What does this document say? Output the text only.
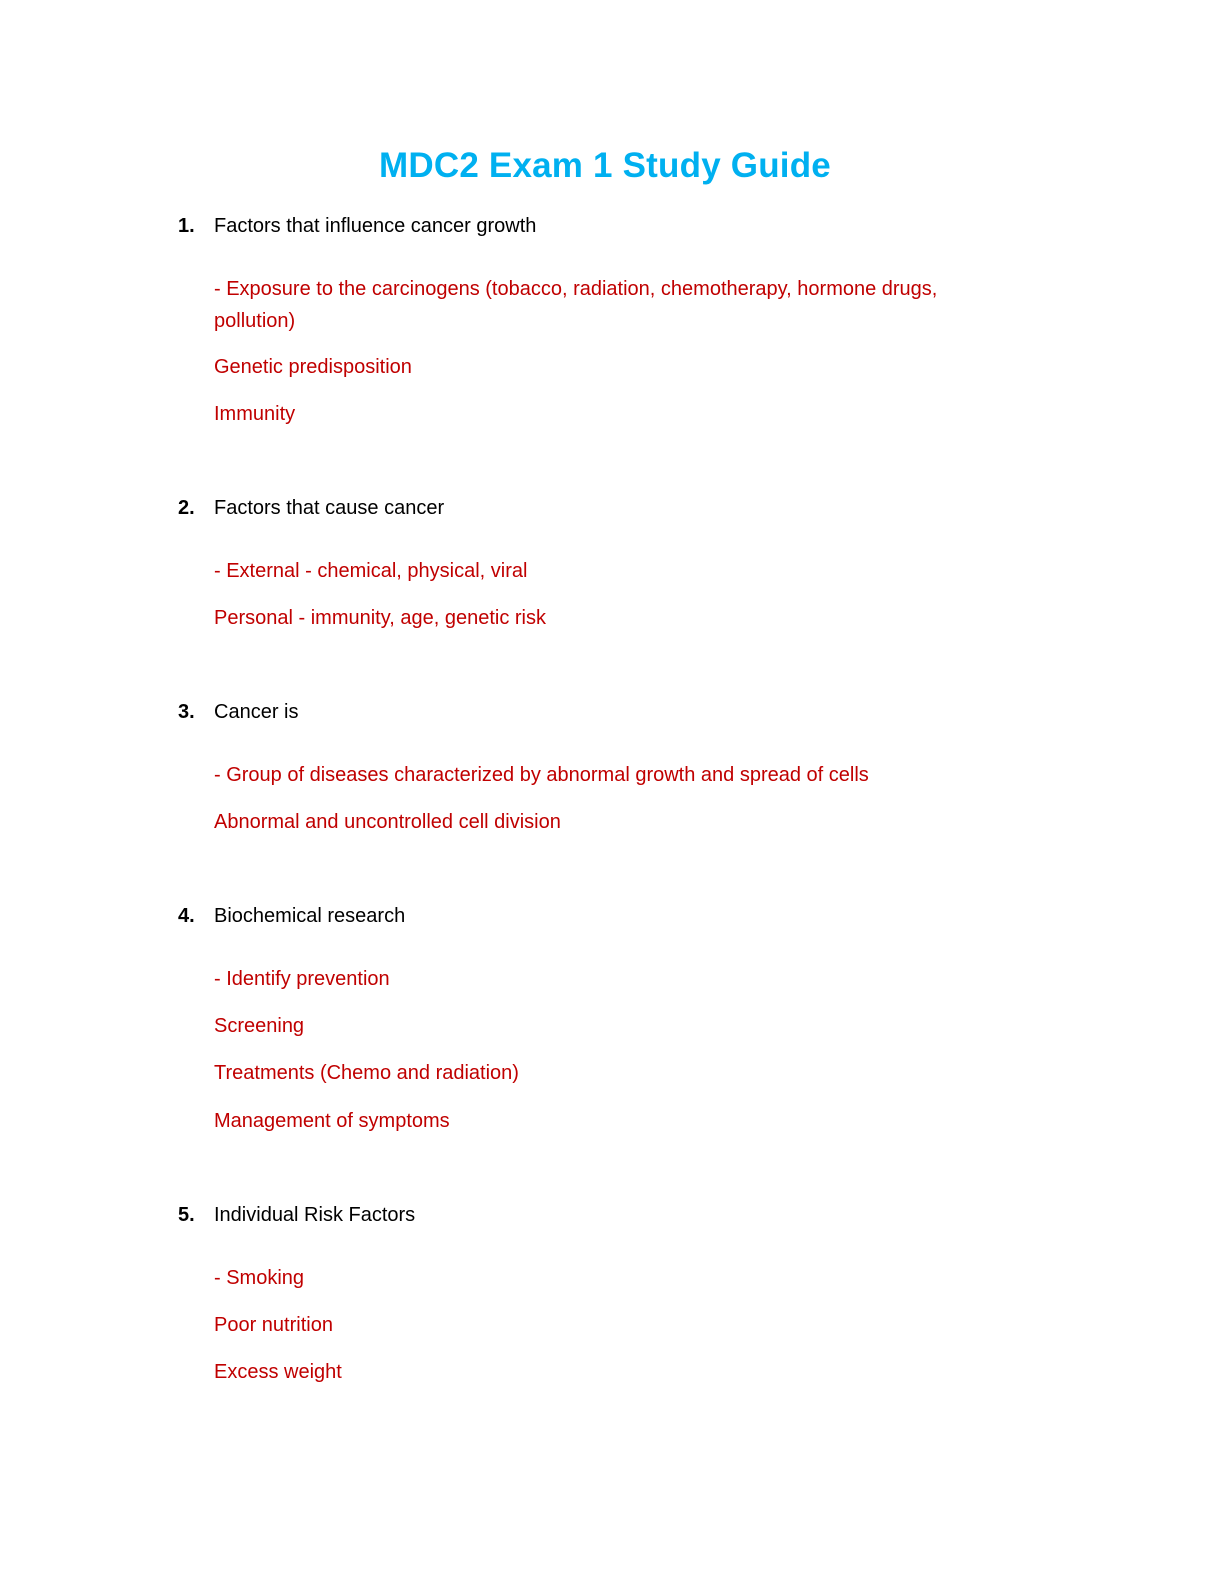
MDC2 Exam 1 Study Guide
1. Factors that influence cancer growth
- Exposure to the carcinogens (tobacco, radiation, chemotherapy, hormone drugs, pollution)
Genetic predisposition
Immunity
2. Factors that cause cancer
- External - chemical, physical, viral
Personal - immunity, age, genetic risk
3. Cancer is
- Group of diseases characterized by abnormal growth and spread of cells
Abnormal and uncontrolled cell division
4. Biochemical research
- Identify prevention
Screening
Treatments (Chemo and radiation)
Management of symptoms
5. Individual Risk Factors
- Smoking
Poor nutrition
Excess weight
